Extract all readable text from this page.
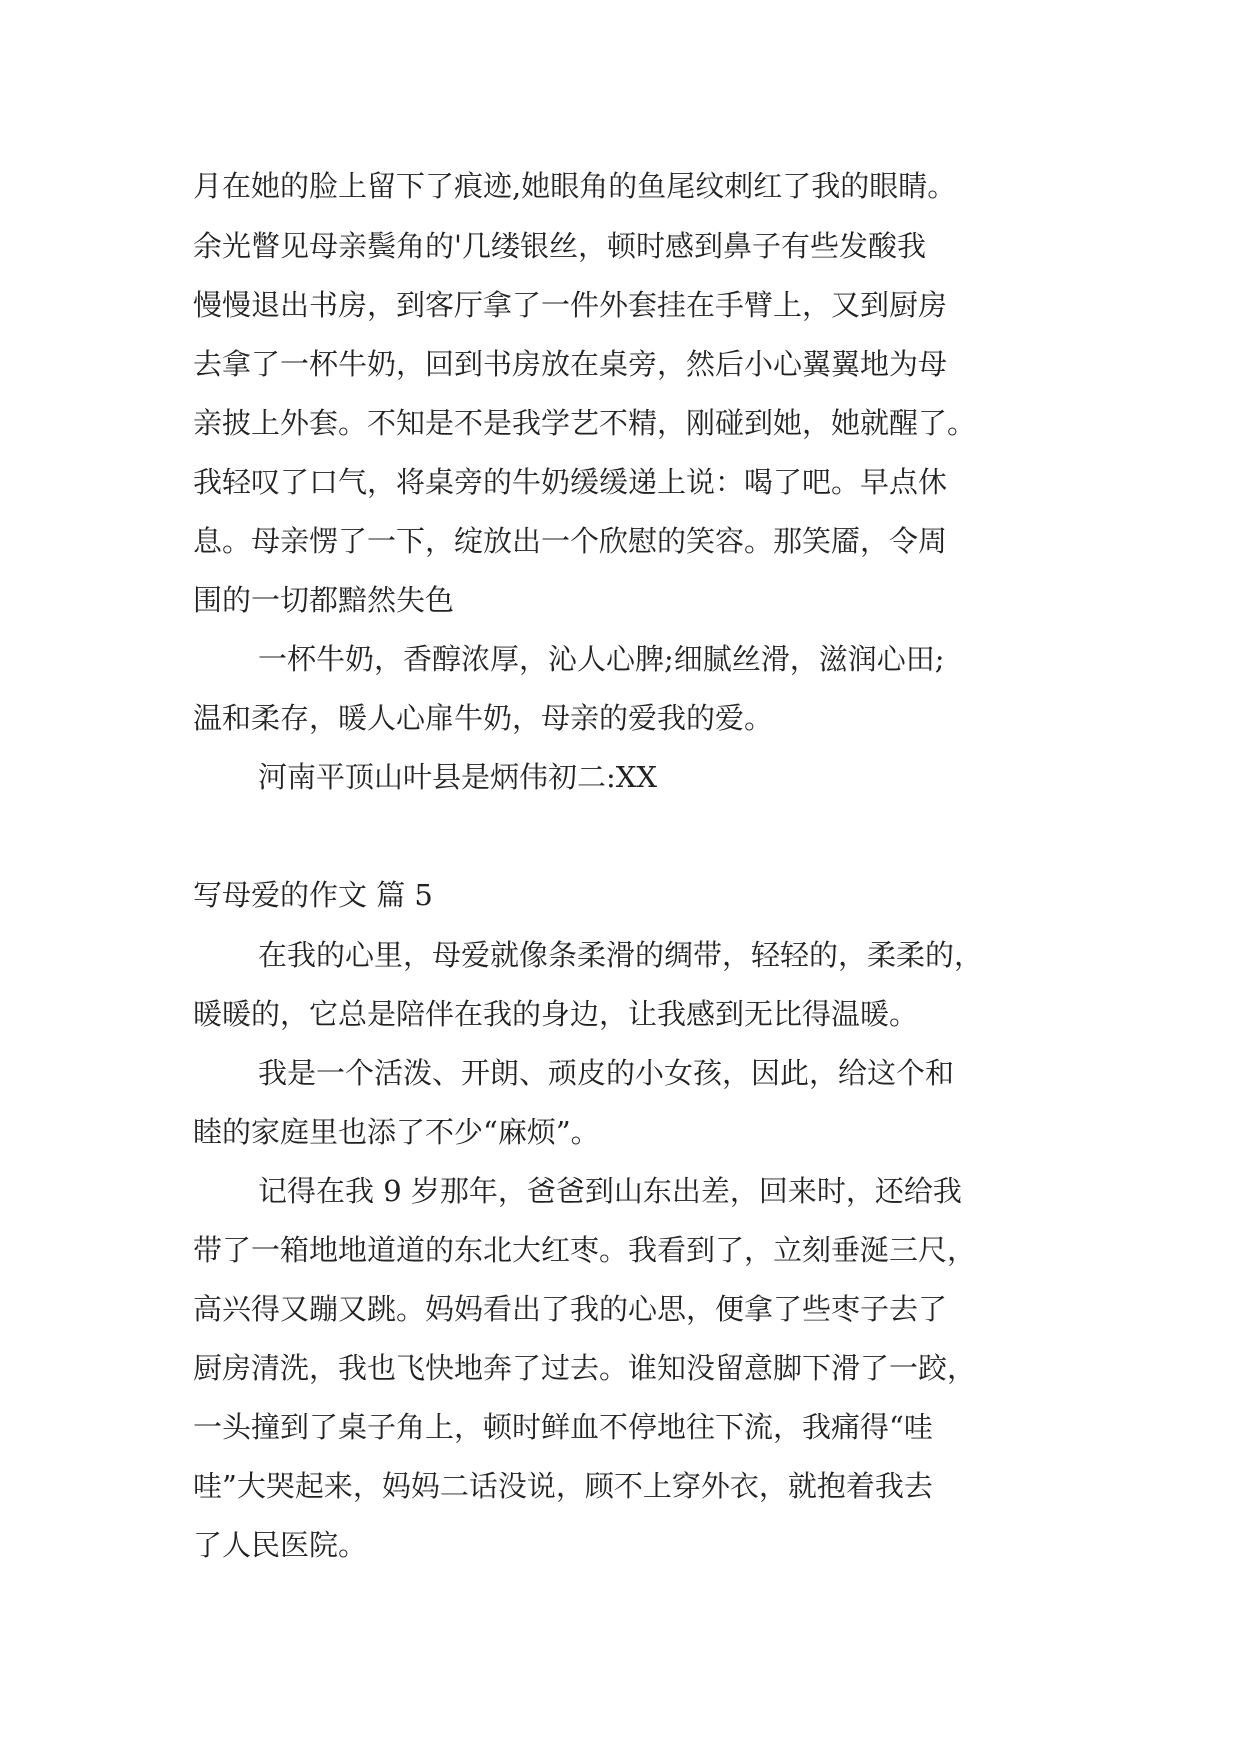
月在她的脸上留下了痕迹,她眼角的鱼尾纹刺红了我的眼睛。
余光瞥见母亲鬓角的'几缕银丝，顿时感到鼻子有些发酸我
慢慢退出书房，到客厅拿了一件外套挂在手臂上，又到厨房
去拿了一杯牛奶，回到书房放在桌旁，然后小心翼翼地为母
亲披上外套。不知是不是我学艺不精，刚碰到她，她就醒了。
我轻叹了口气，将桌旁的牛奶缓缓递上说：喝了吧。早点休
息。母亲愣了一下，绽放出一个欣慰的笑容。那笑靥，令周
围的一切都黯然失色
一杯牛奶，香醇浓厚，沁人心脾;细腻丝滑，滋润心田;
温和柔存，暖人心扉牛奶，母亲的爱我的爱。
河南平顶山叶县是炳伟初二:XX
写母爱的作文 篇 5
在我的心里，母爱就像条柔滑的绸带，轻轻的，柔柔的，
暖暖的，它总是陪伴在我的身边，让我感到无比得温暖。
我是一个活泼、开朗、顽皮的小女孩，因此，给这个和
睦的家庭里也添了不少“麻烦”。
记得在我 9 岁那年，爸爸到山东出差，回来时，还给我
带了一箱地地道道的东北大红枣。我看到了，立刻垂涎三尺，
高兴得又蹦又跳。妈妈看出了我的心思，便拿了些枣子去了
厨房清洗，我也飞快地奔了过去。谁知没留意脚下滑了一跤，
一头撞到了桌子角上，顿时鲜血不停地往下流，我痛得“哇
哇”大哭起来，妈妈二话没说，顾不上穿外衣，就抱着我去
了人民医院。
